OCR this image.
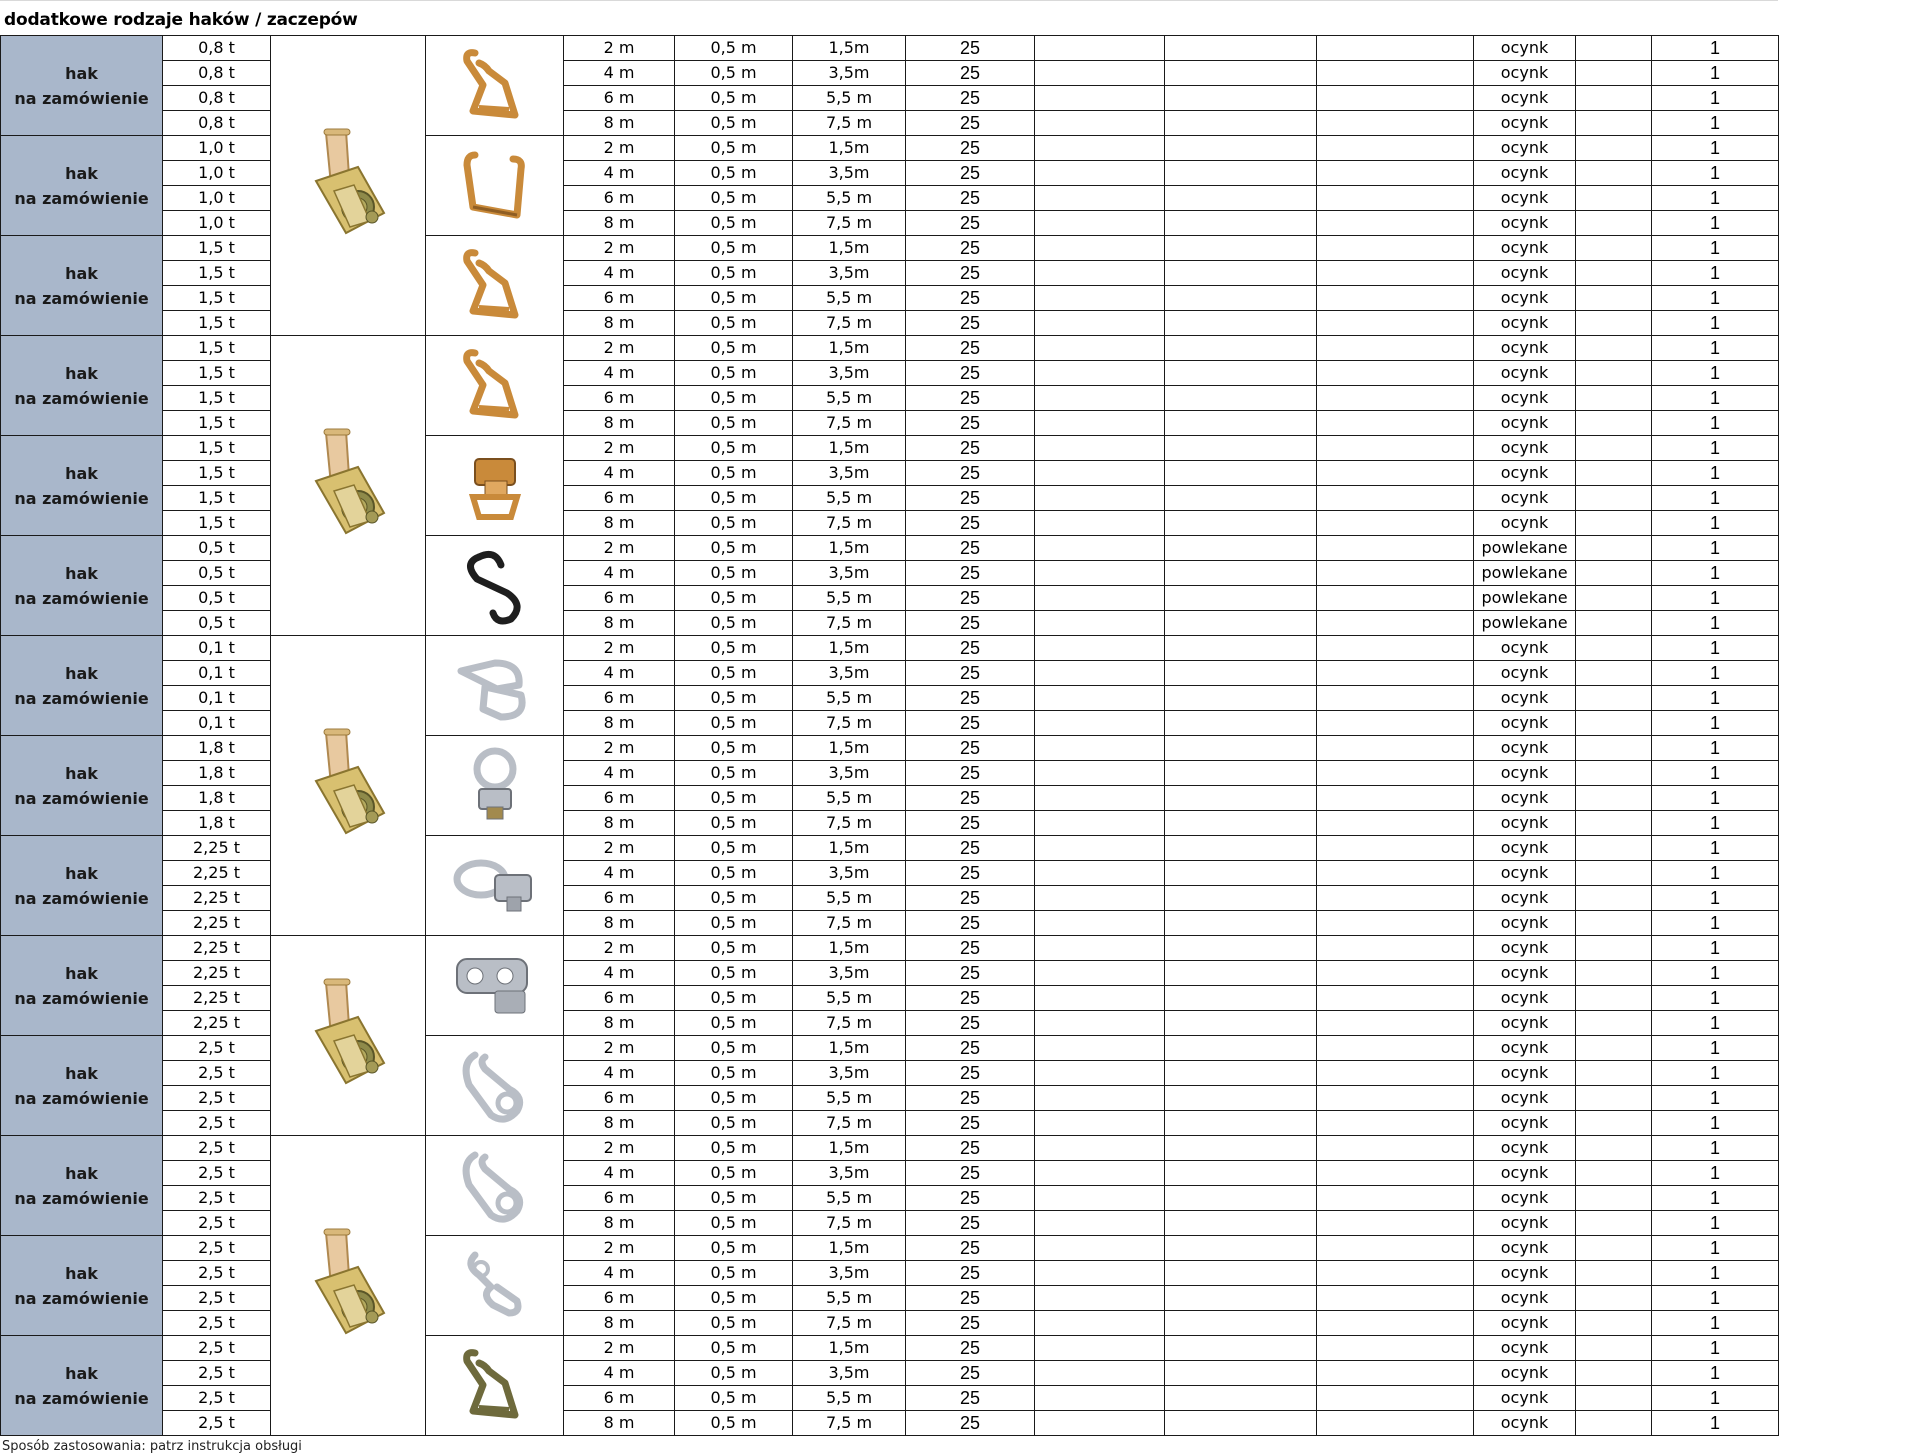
dodatkowe rodzaje haków / zaczepów
hak
na zamówienie	0,8 t			2 m	0,5 m	1,5m	25				ocynk		1
	0,8 t			4 m	0,5 m	3,5m	25				ocynk		1
	0,8 t			6 m	0,5 m	5,5 m	25				ocynk		1
	0,8 t			8 m	0,5 m	7,5 m	25				ocynk		1
hak
na zamówienie	1,0 t			2 m	0,5 m	1,5m	25				ocynk		1
	1,0 t			4 m	0,5 m	3,5m	25				ocynk		1
	1,0 t			6 m	0,5 m	5,5 m	25				ocynk		1
	1,0 t			8 m	0,5 m	7,5 m	25				ocynk		1
hak
na zamówienie	1,5 t			2 m	0,5 m	1,5m	25				ocynk		1
	1,5 t			4 m	0,5 m	3,5m	25				ocynk		1
	1,5 t			6 m	0,5 m	5,5 m	25				ocynk		1
	1,5 t			8 m	0,5 m	7,5 m	25				ocynk		1
hak
na zamówienie	1,5 t			2 m	0,5 m	1,5m	25				ocynk		1
	1,5 t			4 m	0,5 m	3,5m	25				ocynk		1
	1,5 t			6 m	0,5 m	5,5 m	25				ocynk		1
	1,5 t			8 m	0,5 m	7,5 m	25				ocynk		1
hak
na zamówienie	1,5 t			2 m	0,5 m	1,5m	25				ocynk		1
	1,5 t			4 m	0,5 m	3,5m	25				ocynk		1
	1,5 t			6 m	0,5 m	5,5 m	25				ocynk		1
	1,5 t			8 m	0,5 m	7,5 m	25				ocynk		1
hak
na zamówienie	0,5 t			2 m	0,5 m	1,5m	25				powlekane		1
	0,5 t			4 m	0,5 m	3,5m	25				powlekane		1
	0,5 t			6 m	0,5 m	5,5 m	25				powlekane		1
	0,5 t			8 m	0,5 m	7,5 m	25				powlekane		1
hak
na zamówienie	0,1 t			2 m	0,5 m	1,5m	25				ocynk		1
	0,1 t			4 m	0,5 m	3,5m	25				ocynk		1
	0,1 t			6 m	0,5 m	5,5 m	25				ocynk		1
	0,1 t			8 m	0,5 m	7,5 m	25				ocynk		1
hak
na zamówienie	1,8 t			2 m	0,5 m	1,5m	25				ocynk		1
	1,8 t			4 m	0,5 m	3,5m	25				ocynk		1
	1,8 t			6 m	0,5 m	5,5 m	25				ocynk		1
	1,8 t			8 m	0,5 m	7,5 m	25				ocynk		1
hak
na zamówienie	2,25 t			2 m	0,5 m	1,5m	25				ocynk		1
	2,25 t			4 m	0,5 m	3,5m	25				ocynk		1
	2,25 t			6 m	0,5 m	5,5 m	25				ocynk		1
	2,25 t			8 m	0,5 m	7,5 m	25				ocynk		1
hak
na zamówienie	2,25 t			2 m	0,5 m	1,5m	25				ocynk		1
	2,25 t			4 m	0,5 m	3,5m	25				ocynk		1
	2,25 t			6 m	0,5 m	5,5 m	25				ocynk		1
	2,25 t			8 m	0,5 m	7,5 m	25				ocynk		1
hak
na zamówienie	2,5 t			2 m	0,5 m	1,5m	25				ocynk		1
	2,5 t			4 m	0,5 m	3,5m	25				ocynk		1
	2,5 t			6 m	0,5 m	5,5 m	25				ocynk		1
	2,5 t			8 m	0,5 m	7,5 m	25				ocynk		1
hak
na zamówienie	2,5 t			2 m	0,5 m	1,5m	25				ocynk		1
	2,5 t			4 m	0,5 m	3,5m	25				ocynk		1
	2,5 t			6 m	0,5 m	5,5 m	25				ocynk		1
	2,5 t			8 m	0,5 m	7,5 m	25				ocynk		1
hak
na zamówienie	2,5 t			2 m	0,5 m	1,5m	25				ocynk		1
	2,5 t			4 m	0,5 m	3,5m	25				ocynk		1
	2,5 t			6 m	0,5 m	5,5 m	25				ocynk		1
	2,5 t			8 m	0,5 m	7,5 m	25				ocynk		1
hak
na zamówienie	2,5 t			2 m	0,5 m	1,5m	25				ocynk		1
	2,5 t			4 m	0,5 m	3,5m	25				ocynk		1
	2,5 t			6 m	0,5 m	5,5 m	25				ocynk		1
	2,5 t			8 m	0,5 m	7,5 m	25				ocynk		1
Sposób zastosowania: patrz instrukcja obsługi
